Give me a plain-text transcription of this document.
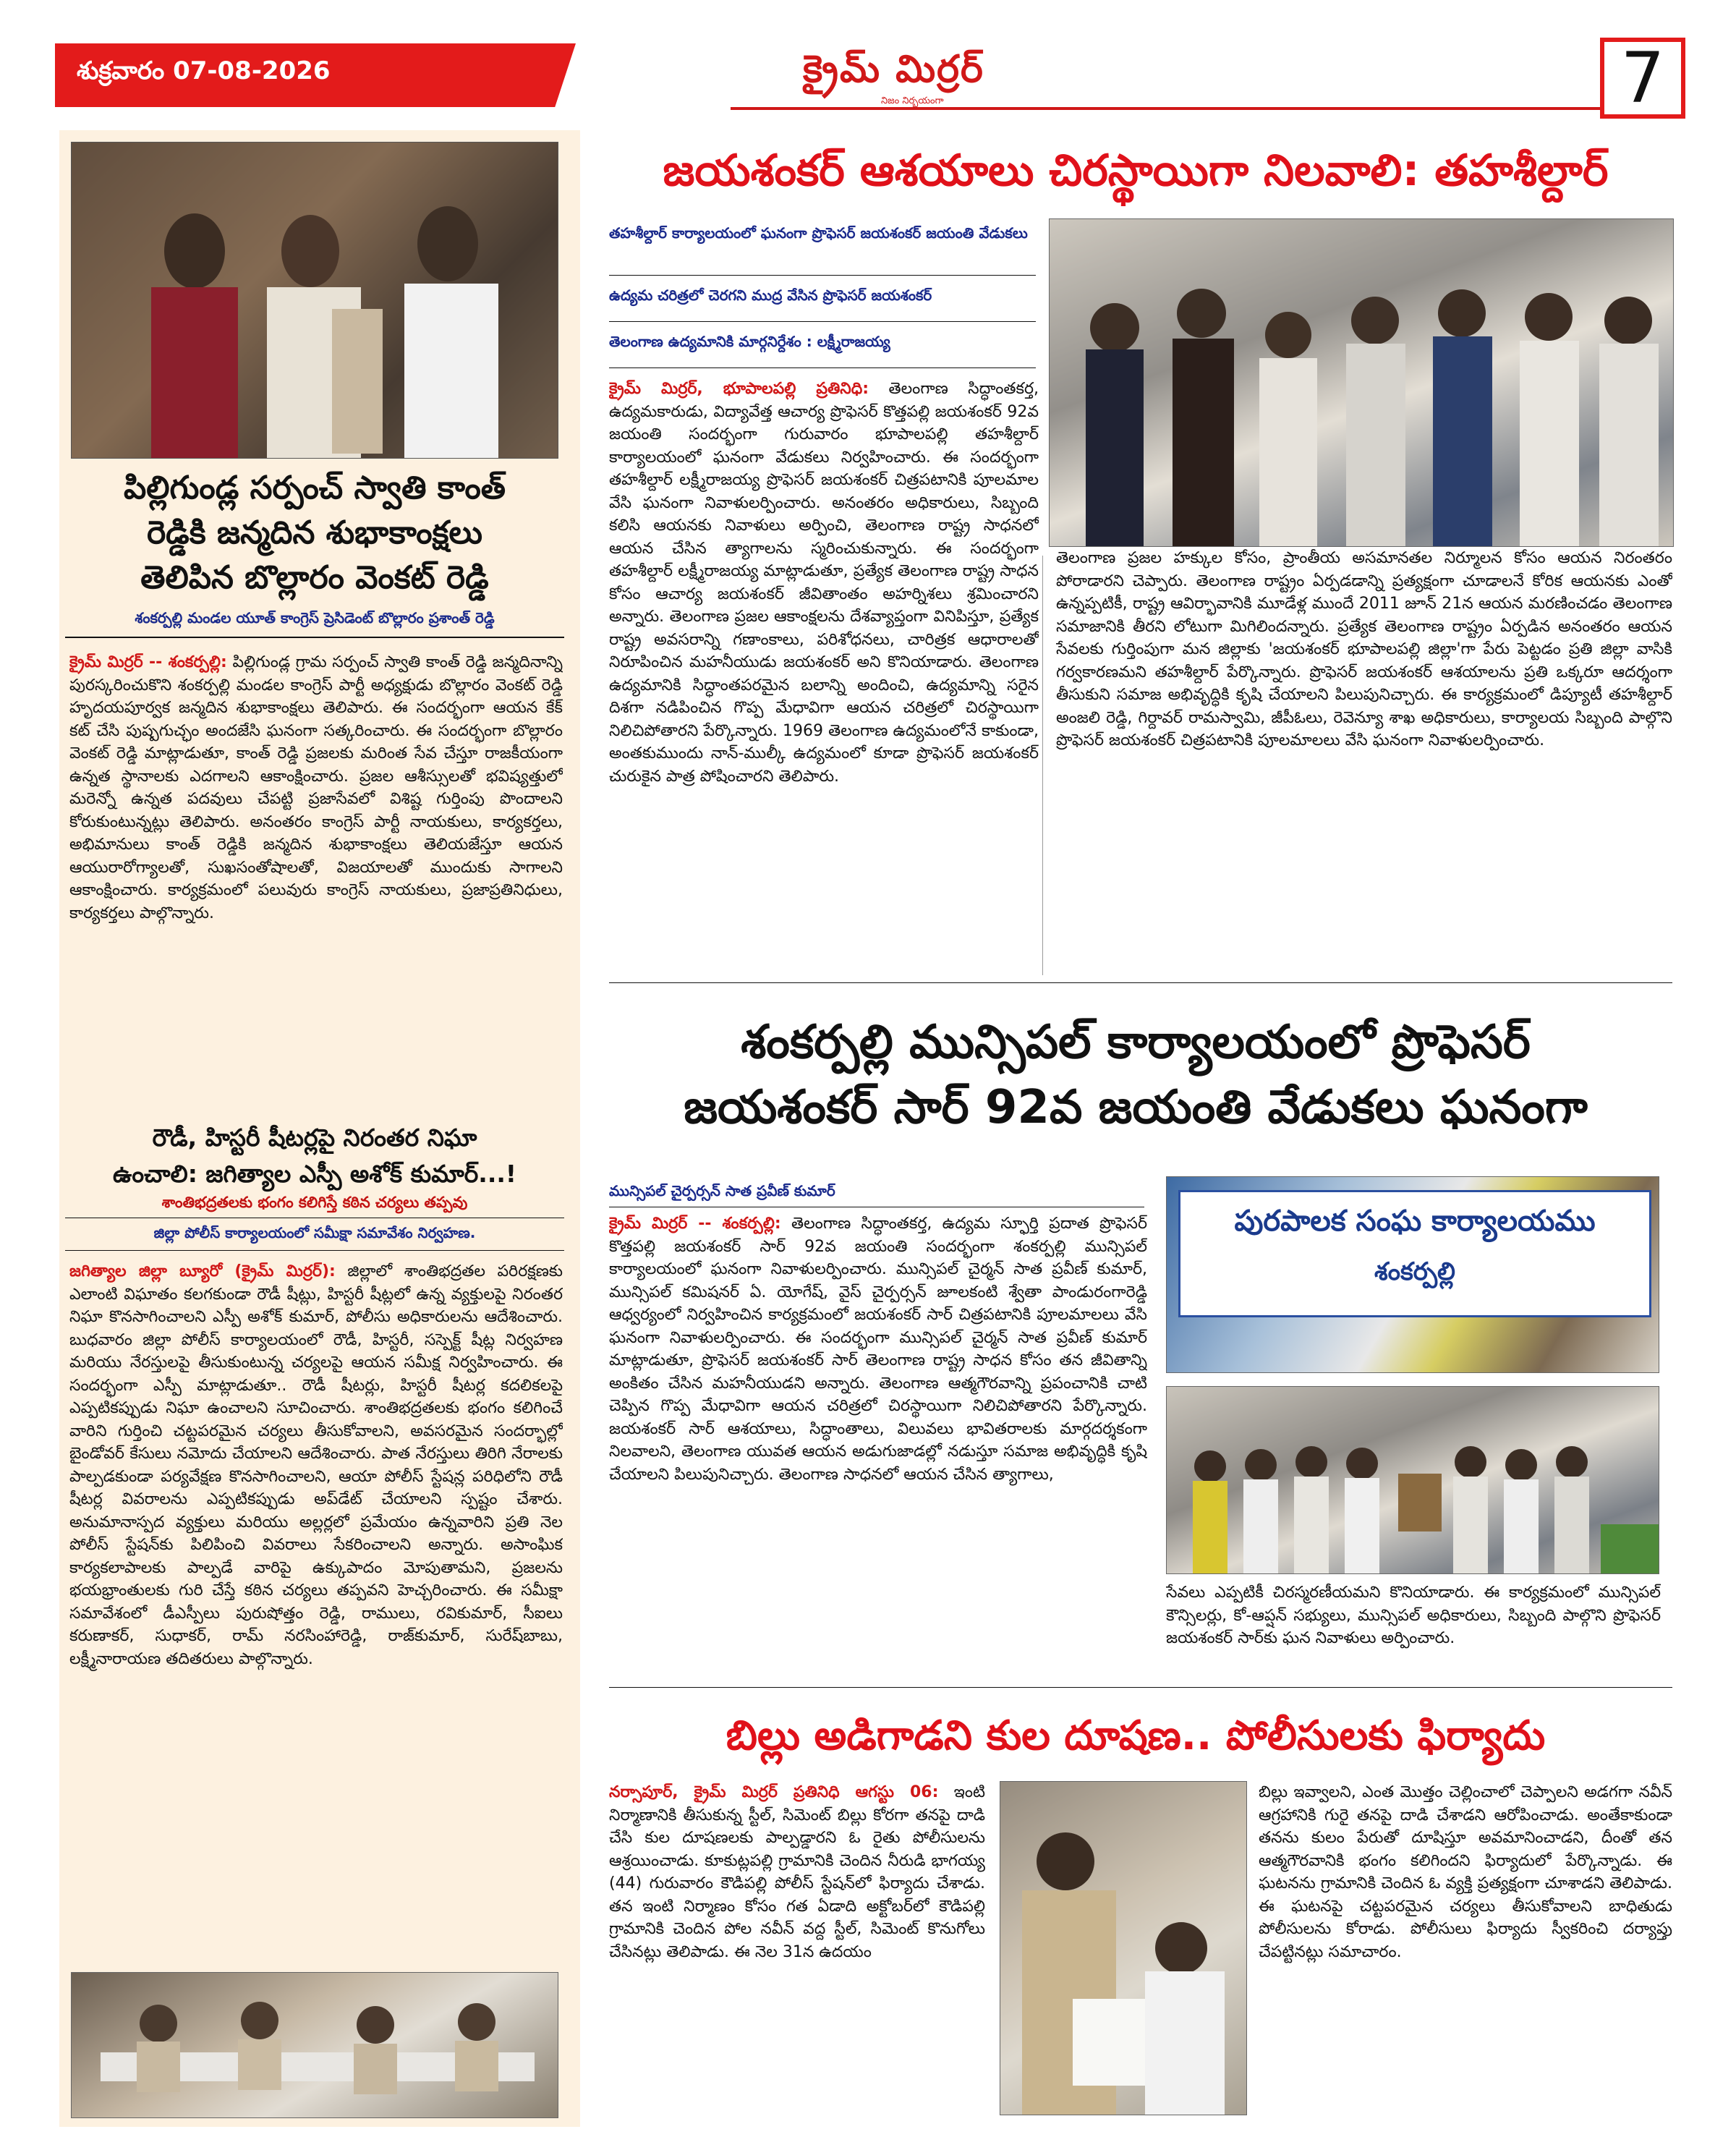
శుక్రవారం 07-08-2026	క్రైమ్ మిర్రర్
నిజం నిర్భయంగా	7
పిల్లిగుండ్ల సర్పంచ్ స్వాతి కాంత్
రెడ్డికి జన్మదిన శుభాకాంక్షలు
తెలిపిన బొల్లారం వెంకట్ రెడ్డి
శంకర్పల్లి మండల యూత్ కాంగ్రెస్ ప్రెసిడెంట్ బొల్లారం ప్రశాంత్ రెడ్డి
క్రైమ్ మిర్రర్ -- శంకర్పల్లి: పిల్లిగుండ్ల గ్రామ సర్పంచ్ స్వాతి కాంత్ రెడ్డి జన్మదినాన్ని పురస్కరించుకొని శంకర్పల్లి మండల కాంగ్రెస్ పార్టీ అధ్యక్షుడు బొల్లారం వెంకట్ రెడ్డి హృదయపూర్వక జన్మదిన శుభాకాంక్షలు తెలిపారు. ఈ సందర్భంగా ఆయన కేక్ కట్ చేసి పుష్పగుచ్ఛం అందజేసి ఘనంగా సత్కరించారు. ఈ సందర్భంగా బొల్లారం వెంకట్ రెడ్డి మాట్లాడుతూ, కాంత్ రెడ్డి ప్రజలకు మరింత సేవ చేస్తూ రాజకీయంగా ఉన్నత స్థానాలకు ఎదగాలని ఆకాంక్షించారు. ప్రజల ఆశీస్సులతో భవిష్యత్తులో మరెన్నో ఉన్నత పదవులు చేపట్టి ప్రజాసేవలో విశిష్ట గుర్తింపు పొందాలని కోరుకుంటున్నట్లు తెలిపారు. అనంతరం కాంగ్రెస్ పార్టీ నాయకులు, కార్యకర్తలు, అభిమానులు కాంత్ రెడ్డికి జన్మదిన శుభాకాంక్షలు తెలియజేస్తూ ఆయన ఆయురారోగ్యాలతో, సుఖసంతోషాలతో, విజయాలతో ముందుకు సాగాలని ఆకాంక్షించారు. కార్యక్రమంలో పలువురు కాంగ్రెస్ నాయకులు, ప్రజాప్రతినిధులు, కార్యకర్తలు పాల్గొన్నారు.
రౌడీ, హిస్టరీ షీటర్లపై నిరంతర నిఘా
ఉంచాలి: జగిత్యాల ఎస్పీ అశోక్ కుమార్...!
శాంతిభద్రతలకు భంగం కలిగిస్తే కఠిన చర్యలు తప్పవు
జిల్లా పోలీస్ కార్యాలయంలో సమీక్షా సమావేశం నిర్వహణ.
జగిత్యాల జిల్లా బ్యూరో (క్రైమ్ మిర్రర్): జిల్లాలో శాంతిభద్రతల పరిరక్షణకు ఎలాంటి విఘాతం కలగకుండా రౌడీ షీట్లు, హిస్టరీ షీట్లలో ఉన్న వ్యక్తులపై నిరంతర నిఘా కొనసాగించాలని ఎస్పీ అశోక్ కుమార్, పోలీసు అధికారులను ఆదేశించారు. బుధవారం జిల్లా పోలీస్ కార్యాలయంలో రౌడీ, హిస్టరీ, సస్పెక్ట్ షీట్ల నిర్వహణ మరియు నేరస్తులపై తీసుకుంటున్న చర్యలపై ఆయన సమీక్ష నిర్వహించారు. ఈ సందర్భంగా ఎస్పీ మాట్లాడుతూ.. రౌడీ షీటర్లు, హిస్టరీ షీటర్ల కదలికలపై ఎప్పటికప్పుడు నిఘా ఉంచాలని సూచించారు. శాంతిభద్రతలకు భంగం కలిగించే వారిని గుర్తించి చట్టపరమైన చర్యలు తీసుకోవాలని, అవసరమైన సందర్భాల్లో బైండోవర్ కేసులు నమోదు చేయాలని ఆదేశించారు. పాత నేరస్తులు తిరిగి నేరాలకు పాల్పడకుండా పర్యవేక్షణ కొనసాగించాలని, ఆయా పోలీస్ స్టేషన్ల పరిధిలోని రౌడీ షీటర్ల వివరాలను ఎప్పటికప్పుడు అప్‌డేట్ చేయాలని స్పష్టం చేశారు. అనుమానాస్పద వ్యక్తులు మరియు అల్లర్లలో ప్రమేయం ఉన్నవారిని ప్రతి నెల పోలీస్ స్టేషన్‌కు పిలిపించి వివరాలు సేకరించాలని అన్నారు. అసాంఘిక కార్యకలాపాలకు పాల్పడే వారిపై ఉక్కుపాదం మోపుతామని, ప్రజలను భయభ్రాంతులకు గురి చేస్తే కఠిన చర్యలు తప్పవని హెచ్చరించారు. ఈ సమీక్షా సమావేశంలో డీఎస్పీలు పురుషోత్తం రెడ్డి, రాములు, రవికుమార్, సీఐలు కరుణాకర్, సుధాకర్, రామ్ నరసింహారెడ్డి, రాజ్‌కుమార్, సురేష్‌బాబు, లక్ష్మీనారాయణ తదితరులు పాల్గొన్నారు.
జయశంకర్ ఆశయాలు చిరస్థాయిగా నిలవాలి: తహశీల్దార్
తహశీల్దార్ కార్యాలయంలో ఘనంగా ప్రొఫెసర్ జయశంకర్ జయంతి వేడుకలు
ఉద్యమ చరిత్రలో చెరగని ముద్ర వేసిన ప్రొఫెసర్ జయశంకర్
తెలంగాణ ఉద్యమానికి మార్గనిర్దేశం : లక్ష్మీరాజయ్య
క్రైమ్ మిర్రర్, భూపాలపల్లి ప్రతినిధి: తెలంగాణ సిద్ధాంతకర్త, ఉద్యమకారుడు, విద్యావేత్త ఆచార్య ప్రొఫెసర్ కొత్తపల్లి జయశంకర్ 92వ జయంతి సందర్భంగా గురువారం భూపాలపల్లి తహశీల్దార్ కార్యాలయంలో ఘనంగా వేడుకలు నిర్వహించారు. ఈ సందర్భంగా తహశీల్దార్ లక్ష్మీరాజయ్య ప్రొఫెసర్ జయశంకర్ చిత్రపటానికి పూలమాల వేసి ఘనంగా నివాళులర్పించారు. అనంతరం అధికారులు, సిబ్బంది కలిసి ఆయనకు నివాళులు అర్పించి, తెలంగాణ రాష్ట్ర సాధనలో ఆయన చేసిన త్యాగాలను స్మరించుకున్నారు. ఈ సందర్భంగా తహశీల్దార్ లక్ష్మీరాజయ్య మాట్లాడుతూ, ప్రత్యేక తెలంగాణ రాష్ట్ర సాధన కోసం ఆచార్య జయశంకర్ జీవితాంతం అహర్నిశలు శ్రమించారని అన్నారు. తెలంగాణ ప్రజల ఆకాంక్షలను దేశవ్యాప్తంగా వినిపిస్తూ, ప్రత్యేక రాష్ట్ర అవసరాన్ని గణాంకాలు, పరిశోధనలు, చారిత్రక ఆధారాలతో నిరూపించిన మహనీయుడు జయశంకర్ అని కొనియాడారు. తెలంగాణ ఉద్యమానికి సిద్ధాంతపరమైన బలాన్ని అందించి, ఉద్యమాన్ని సరైన దిశగా నడిపించిన గొప్ప మేధావిగా ఆయన చరిత్రలో చిరస్థాయిగా నిలిచిపోతారని పేర్కొన్నారు. 1969 తెలంగాణ ఉద్యమంలోనే కాకుండా, అంతకుముందు నాన్-ముల్కీ ఉద్యమంలో కూడా ప్రొఫెసర్ జయశంకర్ చురుకైన పాత్ర పోషించారని తెలిపారు.
తెలంగాణ ప్రజల హక్కుల కోసం, ప్రాంతీయ అసమానతల నిర్మూలన కోసం ఆయన నిరంతరం పోరాడారని చెప్పారు. తెలంగాణ రాష్ట్రం ఏర్పడడాన్ని ప్రత్యక్షంగా చూడాలనే కోరిక ఆయనకు ఎంతో ఉన్నప్పటికీ, రాష్ట్ర ఆవిర్భావానికి మూడేళ్ల ముందే 2011 జూన్ 21న ఆయన మరణించడం తెలంగాణ సమాజానికి తీరని లోటుగా మిగిలిందన్నారు. ప్రత్యేక తెలంగాణ రాష్ట్రం ఏర్పడిన అనంతరం ఆయన సేవలకు గుర్తింపుగా మన జిల్లాకు 'జయశంకర్ భూపాలపల్లి జిల్లా'గా పేరు పెట్టడం ప్రతి జిల్లా వాసికి గర్వకారణమని తహశీల్దార్ పేర్కొన్నారు. ప్రొఫెసర్ జయశంకర్ ఆశయాలను ప్రతి ఒక్కరూ ఆదర్శంగా తీసుకుని సమాజ అభివృద్ధికి కృషి చేయాలని పిలుపునిచ్చారు. ఈ కార్యక్రమంలో డిప్యూటీ తహశీల్దార్ అంజలి రెడ్డి, గిర్దావర్ రామస్వామి, జీపీఓలు, రెవెన్యూ శాఖ అధికారులు, కార్యాలయ సిబ్బంది పాల్గొని ప్రొఫెసర్ జయశంకర్ చిత్రపటానికి పూలమాలలు వేసి ఘనంగా నివాళులర్పించారు.
శంకర్పల్లి మున్సిపల్ కార్యాలయంలో ప్రొఫెసర్
జయశంకర్ సార్ 92వ జయంతి వేడుకలు ఘనంగా
మున్సిపల్ చైర్పర్సన్ సాత ప్రవీణ్ కుమార్
క్రైమ్ మిర్రర్ -- శంకర్పల్లి: తెలంగాణ సిద్ధాంతకర్త, ఉద్యమ స్ఫూర్తి ప్రదాత ప్రొఫెసర్ కొత్తపల్లి జయశంకర్ సార్ 92వ జయంతి సందర్భంగా శంకర్పల్లి మున్సిపల్ కార్యాలయంలో ఘనంగా నివాళులర్పించారు. మున్సిపల్ చైర్మన్ సాత ప్రవీణ్ కుమార్, మున్సిపల్ కమిషనర్ ఏ. యోగేష్, వైస్ చైర్పర్సన్ జూలకంటి శ్వేతా పాండురంగారెడ్డి ఆధ్వర్యంలో నిర్వహించిన కార్యక్రమంలో జయశంకర్ సార్ చిత్రపటానికి పూలమాలలు వేసి ఘనంగా నివాళులర్పించారు. ఈ సందర్భంగా మున్సిపల్ చైర్మన్ సాత ప్రవీణ్ కుమార్ మాట్లాడుతూ, ప్రొఫెసర్ జయశంకర్ సార్ తెలంగాణ రాష్ట్ర సాధన కోసం తన జీవితాన్ని అంకితం చేసిన మహనీయుడని అన్నారు. తెలంగాణ ఆత్మగౌరవాన్ని ప్రపంచానికి చాటి చెప్పిన గొప్ప మేధావిగా ఆయన చరిత్రలో చిరస్థాయిగా నిలిచిపోతారని పేర్కొన్నారు. జయశంకర్ సార్ ఆశయాలు, సిద్ధాంతాలు, విలువలు భావితరాలకు మార్గదర్శకంగా నిలవాలని, తెలంగాణ యువత ఆయన అడుగుజాడల్లో నడుస్తూ సమాజ అభివృద్ధికి కృషి చేయాలని పిలుపునిచ్చారు. తెలంగాణ సాధనలో ఆయన చేసిన త్యాగాలు,
పురపాలక సంఘ కార్యాలయము
శంకర్పల్లి
సేవలు ఎప్పటికీ చిరస్మరణీయమని కొనియాడారు. ఈ కార్యక్రమంలో మున్సిపల్ కౌన్సిలర్లు, కో-ఆప్షన్ సభ్యులు, మున్సిపల్ అధికారులు, సిబ్బంది పాల్గొని ప్రొఫెసర్ జయశంకర్ సార్‌కు ఘన నివాళులు అర్పించారు.
బిల్లు అడిగాడని కుల దూషణ.. పోలీసులకు ఫిర్యాదు
నర్సాపూర్, క్రైమ్ మిర్రర్ ప్రతినిధి ఆగస్టు 06: ఇంటి నిర్మాణానికి తీసుకున్న స్టీల్, సిమెంట్ బిల్లు కోరగా తనపై దాడి చేసి కుల దూషణలకు పాల్పడ్డారని ఓ రైతు పోలీసులను ఆశ్రయించాడు. కూకుట్లపల్లి గ్రామానికి చెందిన నీరుడి భాగయ్య (44) గురువారం కౌడిపల్లి పోలీస్ స్టేషన్‌లో ఫిర్యాదు చేశాడు. తన ఇంటి నిర్మాణం కోసం గత ఏడాది అక్టోబర్‌లో కౌడిపల్లి గ్రామానికి చెందిన పోల నవీన్ వద్ద స్టీల్, సిమెంట్ కొనుగోలు చేసినట్లు తెలిపాడు. ఈ నెల 31న ఉదయం
బిల్లు ఇవ్వాలని, ఎంత మొత్తం చెల్లించాలో చెప్పాలని అడగగా నవీన్ ఆగ్రహానికి గురై తనపై దాడి చేశాడని ఆరోపించాడు. అంతేకాకుండా తనను కులం పేరుతో దూషిస్తూ అవమానించాడని, దీంతో తన ఆత్మగౌరవానికి భంగం కలిగిందని ఫిర్యాదులో పేర్కొన్నాడు. ఈ ఘటనను గ్రామానికి చెందిన ఓ వ్యక్తి ప్రత్యక్షంగా చూశాడని తెలిపాడు. ఈ ఘటనపై చట్టపరమైన చర్యలు తీసుకోవాలని బాధితుడు పోలీసులను కోరాడు. పోలీసులు ఫిర్యాదు స్వీకరించి దర్యాప్తు చేపట్టినట్లు సమాచారం.
